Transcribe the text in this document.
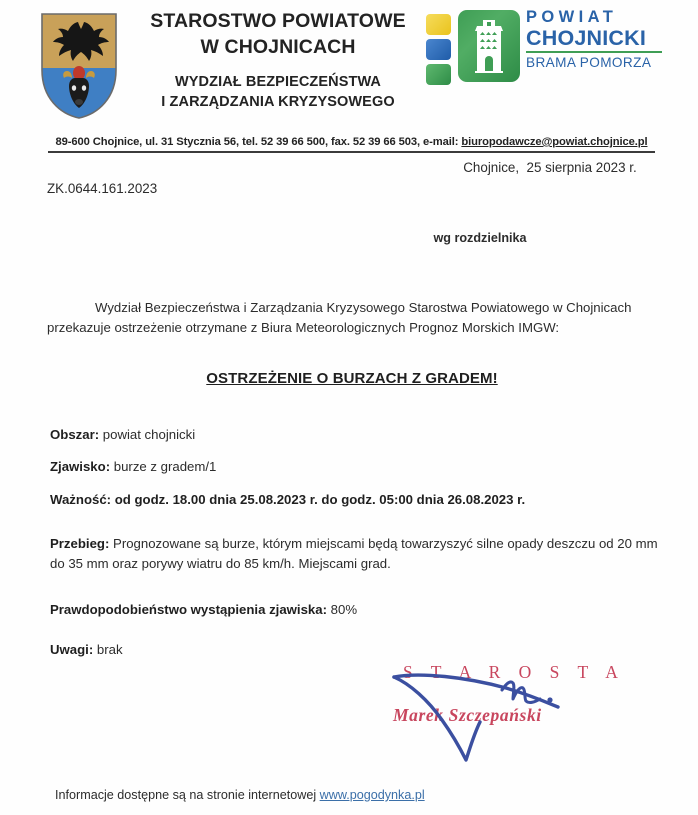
STAROSTWO POWIATOWE
W CHOJNICACH
WYDZIAŁ BEZPIECZEŃSTWA
I ZARZĄDZANIA KRYZYSOWEGO
POWIAT
CHOJNICKI
BRAMA POMORZA
89-600 Chojnice, ul. 31 Stycznia 56, tel. 52 39 66 500, fax. 52 39 66 503, e-mail: biuropodawcze@powiat.chojnice.pl
Chojnice,  25 sierpnia 2023 r.
ZK.0644.161.2023
wg rozdzielnika
Wydział Bezpieczeństwa i Zarządzania Kryzysowego Starostwa Powiatowego w Chojnicach przekazuje ostrzeżenie otrzymane z Biura Meteorologicznych Prognoz Morskich IMGW:
OSTRZEŻENIE O BURZACH Z GRADEM!
Obszar: powiat chojnicki
Zjawisko: burze z gradem/1
Ważność: od godz. 18.00 dnia 25.08.2023 r. do godz. 05:00 dnia 26.08.2023 r.
Przebieg: Prognozowane są burze, którym miejscami będą towarzyszyć silne opady deszczu od 20 mm do 35 mm oraz porywy wiatru do 85 km/h. Miejscami grad.
Prawdopodobieństwo wystąpienia zjawiska: 80%
Uwagi: brak
S T A R O S T A
Marek Szczepański
Informacje dostępne są na stronie internetowej www.pogodynka.pl
